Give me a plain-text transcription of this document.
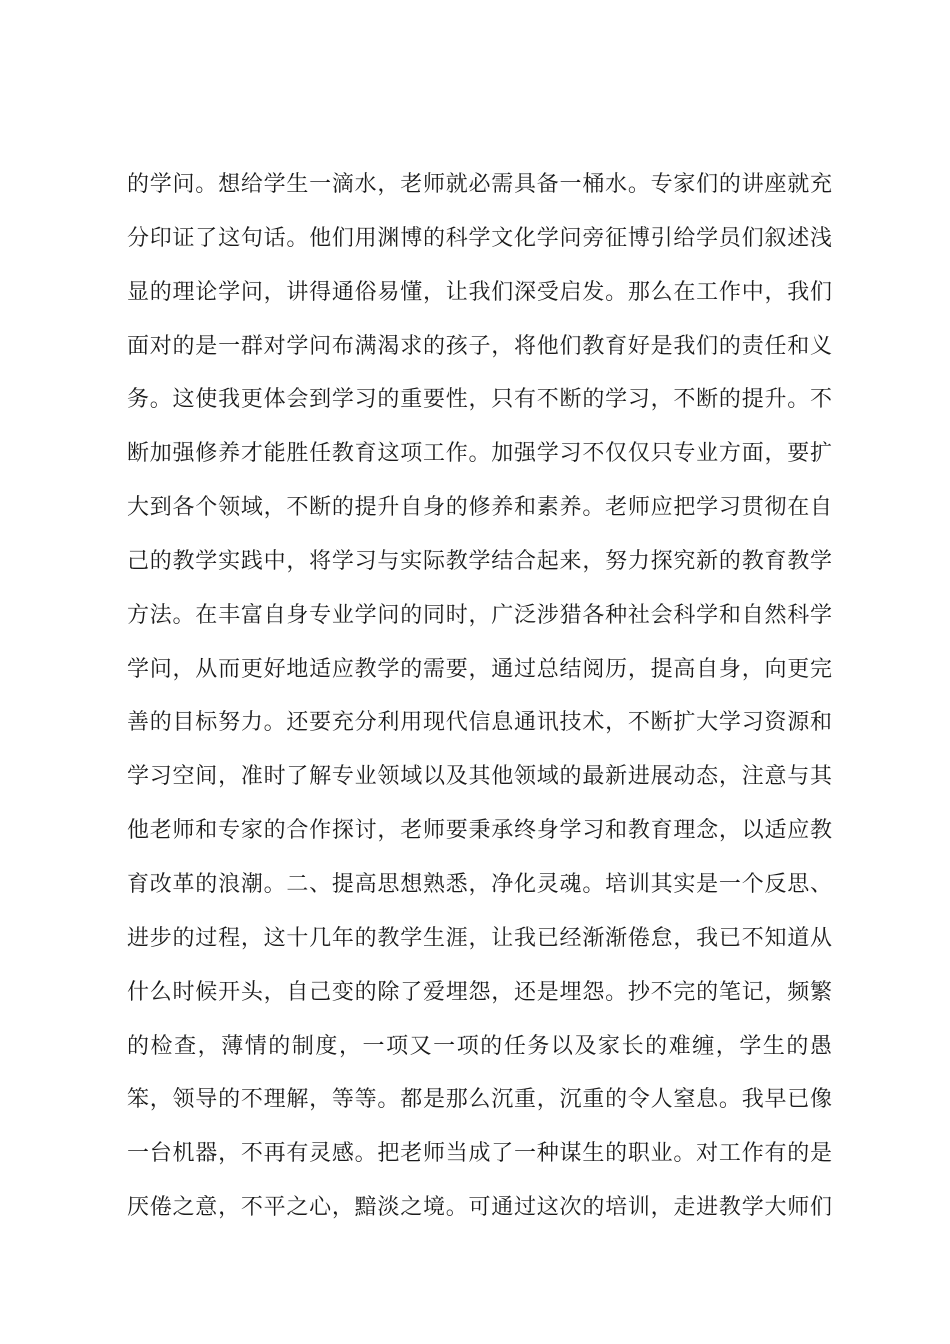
的学问。想给学生一滴水，老师就必需具备一桶水。专家们的讲座就充
分印证了这句话。他们用渊博的科学文化学问旁征博引给学员们叙述浅
显的理论学问，讲得通俗易懂，让我们深受启发。那么在工作中，我们
面对的是一群对学问布满渴求的孩子，将他们教育好是我们的责任和义
务。这使我更体会到学习的重要性，只有不断的学习，不断的提升。不
断加强修养才能胜任教育这项工作。加强学习不仅仅只专业方面，要扩
大到各个领域，不断的提升自身的修养和素养。老师应把学习贯彻在自
己的教学实践中，将学习与实际教学结合起来，努力探究新的教育教学
方法。在丰富自身专业学问的同时，广泛涉猎各种社会科学和自然科学
学问，从而更好地适应教学的需要，通过总结阅历，提高自身，向更完
善的目标努力。还要充分利用现代信息通讯技术，不断扩大学习资源和
学习空间，准时了解专业领域以及其他领域的最新进展动态，注意与其
他老师和专家的合作探讨，老师要秉承终身学习和教育理念，以适应教
育改革的浪潮。二、提高思想熟悉，净化灵魂。培训其实是一个反思、
进步的过程，这十几年的教学生涯，让我已经渐渐倦怠，我已不知道从
什么时候开头，自己变的除了爱埋怨，还是埋怨。抄不完的笔记，频繁
的检查，薄情的制度，一项又一项的任务以及家长的难缠，学生的愚
笨，领导的不理解，等等。都是那么沉重，沉重的令人窒息。我早已像
一台机器，不再有灵感。把老师当成了一种谋生的职业。对工作有的是
厌倦之意，不平之心，黯淡之境。可通过这次的培训，走进教学大师们
